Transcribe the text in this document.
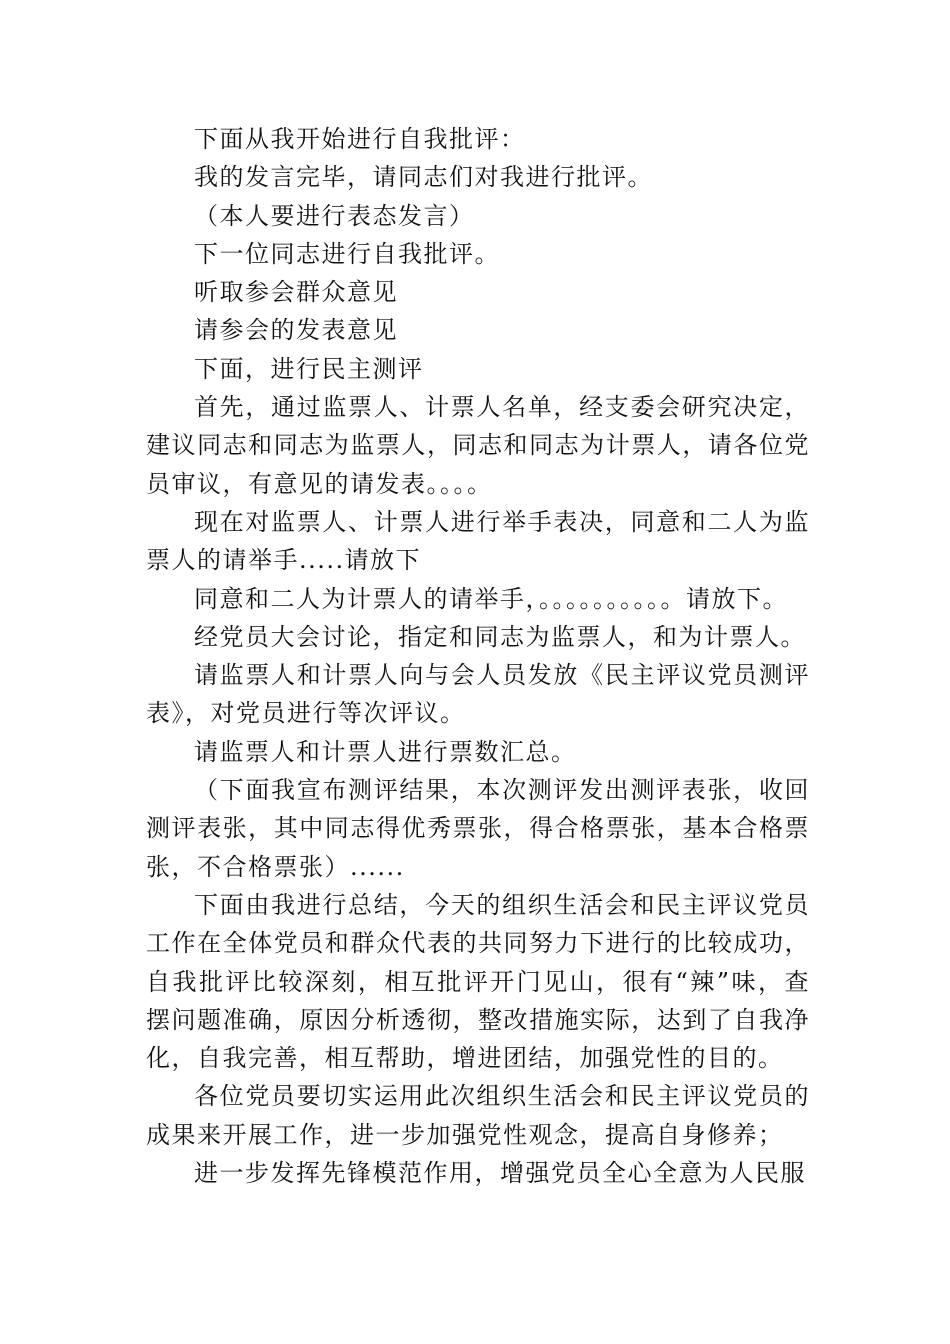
下面从我开始进行自我批评：

我的发言完毕，请同志们对我进行批评。

（本人要进行表态发言）

下一位同志进行自我批评。

听取参会群众意见

请参会的发表意见

下面，进行民主测评

首先，通过监票人、计票人名单，经支委会研究决定，建议同志和同志为监票人，同志和同志为计票人，请各位党员审议，有意见的请发表。。。。

现在对监票人、计票人进行举手表决，同意和二人为监票人的请举手.....请放下

同意和二人为计票人的请举手，。。。。。。。。。。请放下。

经党员大会讨论，指定和同志为监票人，和为计票人。

请监票人和计票人向与会人员发放《民主评议党员测评表》，对党员进行等次评议。

请监票人和计票人进行票数汇总。

（下面我宣布测评结果，本次测评发出测评表张，收回测评表张，其中同志得优秀票张，得合格票张，基本合格票张，不合格票张）......

下面由我进行总结，今天的组织生活会和民主评议党员工作在全体党员和群众代表的共同努力下进行的比较成功，自我批评比较深刻，相互批评开门见山，很有“辣”味，查摆问题准确，原因分析透彻，整改措施实际，达到了自我净化，自我完善，相互帮助，增进团结，加强党性的目的。

各位党员要切实运用此次组织生活会和民主评议党员的成果来开展工作，进一步加强党性观念，提高自身修养；

进一步发挥先锋模范作用，增强党员全心全意为人民服
